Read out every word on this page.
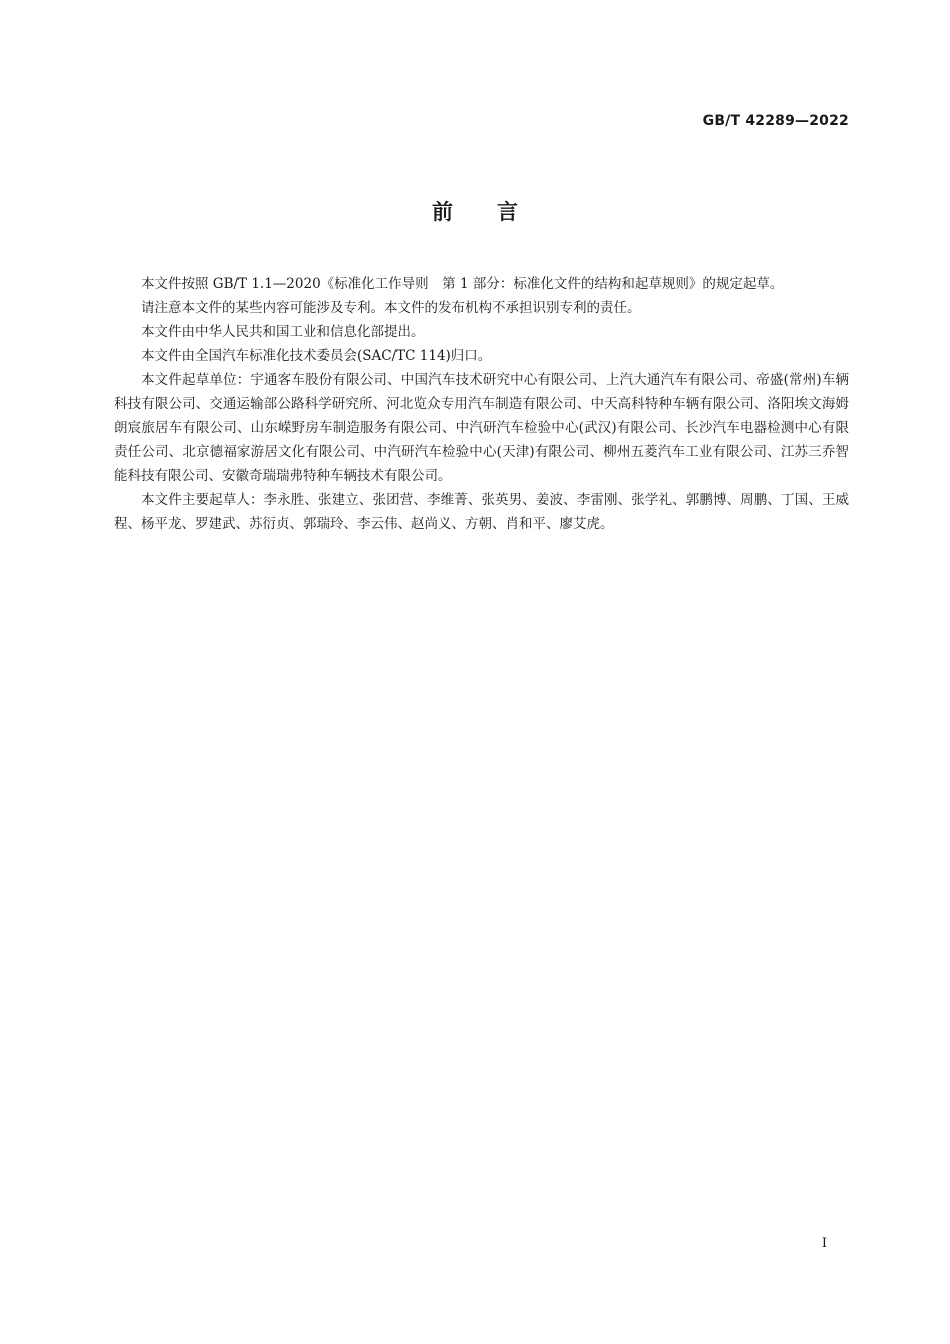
GB/T 42289—2022
前言

本文件按照 GB/T 1.1—2020《标准化工作导则　第 1 部分：标准化文件的结构和起草规则》的规定起草。

请注意本文件的某些内容可能涉及专利。本文件的发布机构不承担识别专利的责任。

本文件由中华人民共和国工业和信息化部提出。

本文件由全国汽车标准化技术委员会(SAC/TC 114)归口。

本文件起草单位：宇通客车股份有限公司、中国汽车技术研究中心有限公司、上汽大通汽车有限公司、帝盛(常州)车辆科技有限公司、交通运输部公路科学研究所、河北览众专用汽车制造有限公司、中天高科特种车辆有限公司、洛阳埃文海姆朗宸旅居车有限公司、山东嵘野房车制造服务有限公司、中汽研汽车检验中心(武汉)有限公司、长沙汽车电器检测中心有限责任公司、北京德福家游居文化有限公司、中汽研汽车检验中心(天津)有限公司、柳州五菱汽车工业有限公司、江苏三乔智能科技有限公司、安徽奇瑞瑞弗特种车辆技术有限公司。

本文件主要起草人：李永胜、张建立、张团营、李维菁、张英男、姜波、李雷刚、张学礼、郭鹏博、周鹏、丁国、王威程、杨平龙、罗建武、苏衍贞、郭瑞玲、李云伟、赵尚义、方朝、肖和平、廖艾虎。

I
